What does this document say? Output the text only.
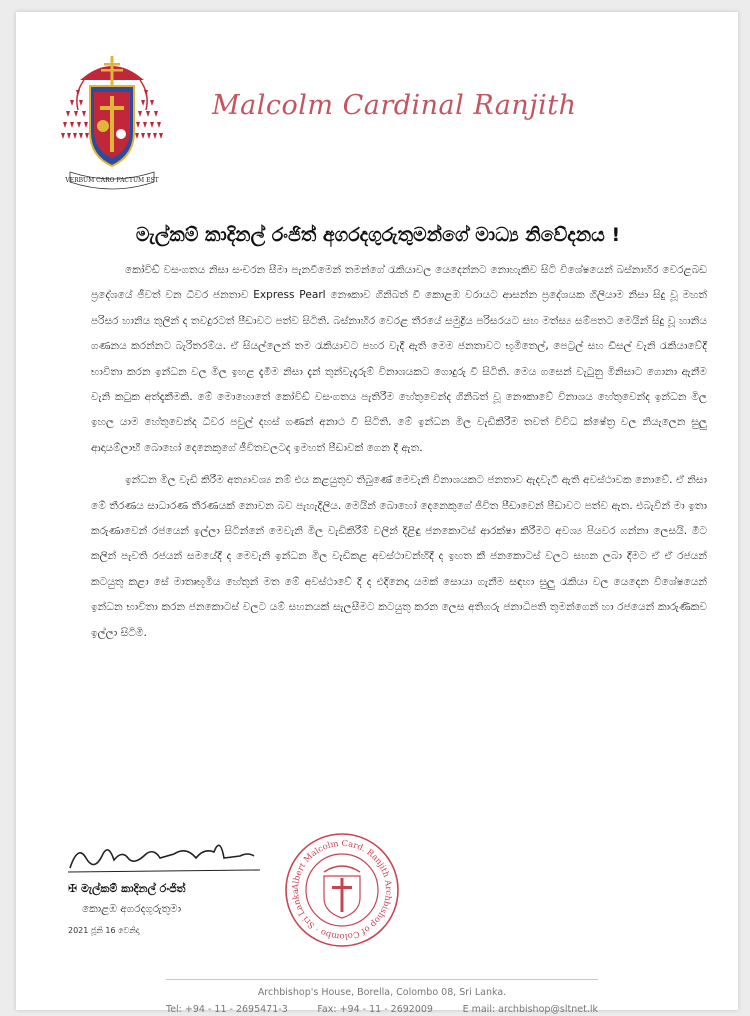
VERBUM CARO FACTUM EST
Malcolm Cardinal Ranjith
මැල්කම් කාදිනල් රංජිත් අගරදගුරුතුමන්ගේ මාධ්‍ය නිවේදනය !

කෝවිඩ් වසංගතය නිසා සංචරන සීමා පැනවීමෙන් තමන්ගේ රැකියාවල යෙදෙන්නට නොහැකිව සිටි විශේෂයෙන් බස්නාහිර වෙරළබඩ ප්‍රදේශයේ ජීවත් වන ධීවර ජනතාව Express Pearl නෞකාව ගිනිබත් වී කොළඹ වරායට ආසන්න ප්‍රදේශයක ගිලියාම නිසා සිදු වූ මහත් පරිසර හානිය තුලින් ද තවදුරටත් පීඩාවට පත්ව සිටිති. බස්නාහිර වෙරළ තීරයේ සමුද්‍රිය පරිසරයට සහ මත්ස්‍ය සම්පතට මෙයින් සිදු වූ හානිය ගණනය කරන්නට බැරිතරම්ය. ඒ සියල්ලෙන් තම රැකියාවට පහර වැදී ඇති මෙම ජනතාවට භූමිතෙල්, පෙට්‍රල් සහ ඩීසල් වැනි රැකියාවේදී භාවිතා කරන ඉන්ධන වල මිල ඉහළ දැමීම නිසා දැන් තුන්වැදෑරුම් විනාශයකට ගොදුරු වී සිටිති. මෙය ගසෙන් වැටුනු මිනිසාට ගොනා ඇනීම වැනි කටුක අත්දැකීමකි. මේ මොහොතේ කෝවිඩ් වසංගතය පැතිරීම හේතුවෙන්ද ගිනිබත් වූ නෞකාවේ විනාශය හේතුවෙන්ද ඉන්ධන මිල ඉහල යාම හේතුවෙන්ද ධීවර පවුල් දහස් ගණන් අනාථ වී සිටිති. මේ ඉන්ධන මිල වැඩිකිරීම තවත් විවිධ ක්ෂේත්‍ර වල නියැලෙන සුලු ආදායම්ලාභී බොහෝ දෙනෙකුගේ ජීවිතවලටද ඉමහත් පීඩාවක් ගෙන දී ඇත.

ඉන්ධන මිල වැඩි කිරීම අත්‍යාවශ්‍ය නම් එය කළයුතුව තිබුණේ මෙවැනි විනාශයකට ජනතාව ඇදවැටී ඇති අවස්ථාවක නොවේ. ඒ නිසා මේ තීරණය සාධාරණ තීරණයක් නොවන බව පැහැදිලිය. මෙයින් බොහෝ දෙනෙකුගේ ජිවිත පීඩාවෙන් පීඩාවට පත්ව ඇත. එබැවින් මා ඉතා කරුණාවෙන් රජයෙන් ඉල්ලා සිටින්නේ මෙවැනි මිල වැඩිකිරීම් වලින් දිළිඳු ජනකොටස් ආරක්ෂා කිරීමට අවශ්‍ය පියවර ගන්නා ලෙසයි. මීට කලින් පැවති රජයන් සමයේදී ද මෙවැනි ඉන්ධන මිල වැඩිකළ අවස්ථාවන්හිදී ද ඉහත කී ජනකොටස් වලට සහන ලබා දීමට ඒ ඒ රජයන් කටයුතු කළා සේ මාතෘභූමිය හේතුන් මත මේ අවස්ථාවේ දී ද එදිනෙදා යමක් සොයා ගැනීම සඳහා සුලු රැකියා වල යෙදෙන විශේෂයෙන් ඉන්ධන භාවිතා කරන ජනකොටස් වලට යම් සහනයක් සැලසීමට කටයුතු කරන ලෙස අතිගරු ජනාධිපති තුමන්ගෙන් හා රජයෙන් කාරුණිකව ඉල්ලා සිටිමි.

✠ මැල්කම් කාදිනල් රංජිත්
කොළඹ අගරදගුරුතුමා
2021 ජූනි 16 වෙනිදා
Albert Malcolm Card. Ranjith Archbishop of Colombo · Sri Lanka
Archbishop's House, Borella, Colombo 08, Sri Lanka.
Tel: +94 - 11 - 2695471-3	Fax: +94 - 11 - 2692009	E mail: archbishop@sltnet.lk
